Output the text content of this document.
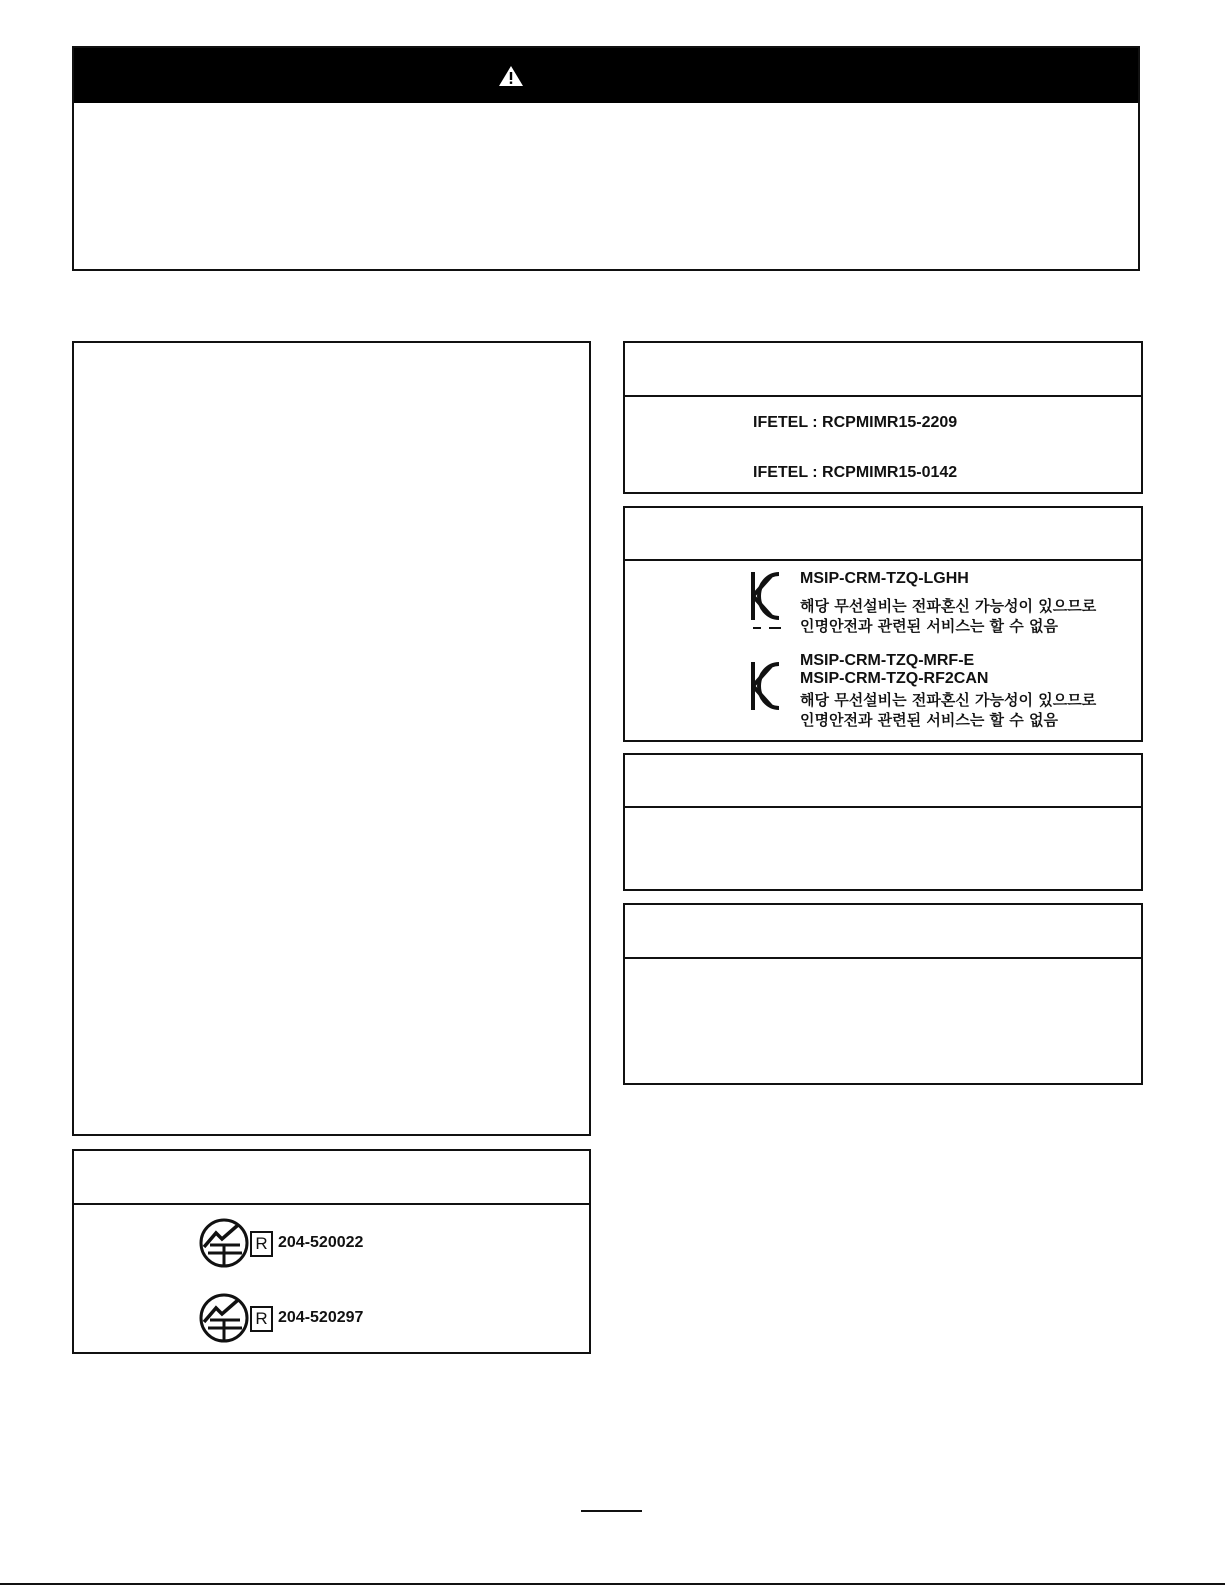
R 204-520022
R 204-520297
IFETEL : RCPMIMR15-2209
IFETEL : RCPMIMR15-0142
MSIP-CRM-TZQ-LGHH
해당 무선설비는 전파혼신 가능성이 있으므로
인명안전과 관련된 서비스는 할 수 없음
MSIP-CRM-TZQ-MRF-E
MSIP-CRM-TZQ-RF2CAN
해당 무선설비는 전파혼신 가능성이 있으므로
인명안전과 관련된 서비스는 할 수 없음
